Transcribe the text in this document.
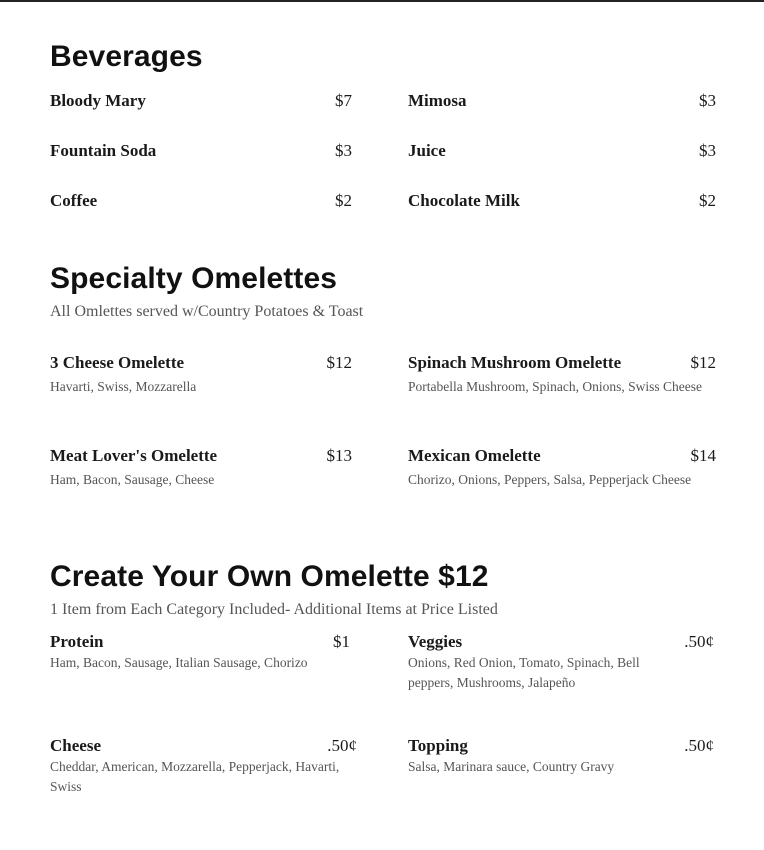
Beverages
Bloody Mary	$7	Mimosa	$3
Fountain Soda	$3	Juice	$3
Coffee	$2	Chocolate Milk	$2
Specialty Omelettes
All Omlettes served w/Country Potatoes & Toast
3 Cheese Omelette	$12
Havarti, Swiss, Mozzarella
Spinach Mushroom Omelette	$12
Portabella Mushroom, Spinach, Onions, Swiss Cheese
Meat Lover's Omelette	$13
Ham, Bacon, Sausage, Cheese
Mexican Omelette	$14
Chorizo, Onions, Peppers, Salsa, Pepperjack Cheese
Create Your Own Omelette $12
1 Item from Each Category Included- Additional Items at Price Listed
Protein	$1
Ham, Bacon, Sausage, Italian Sausage, Chorizo
Veggies	.50¢
Onions, Red Onion, Tomato, Spinach, Bell peppers, Mushrooms, Jalapeño
Cheese	.50¢
Cheddar, American, Mozzarella, Pepperjack, Havarti, Swiss
Topping	.50¢
Salsa, Marinara sauce, Country Gravy
